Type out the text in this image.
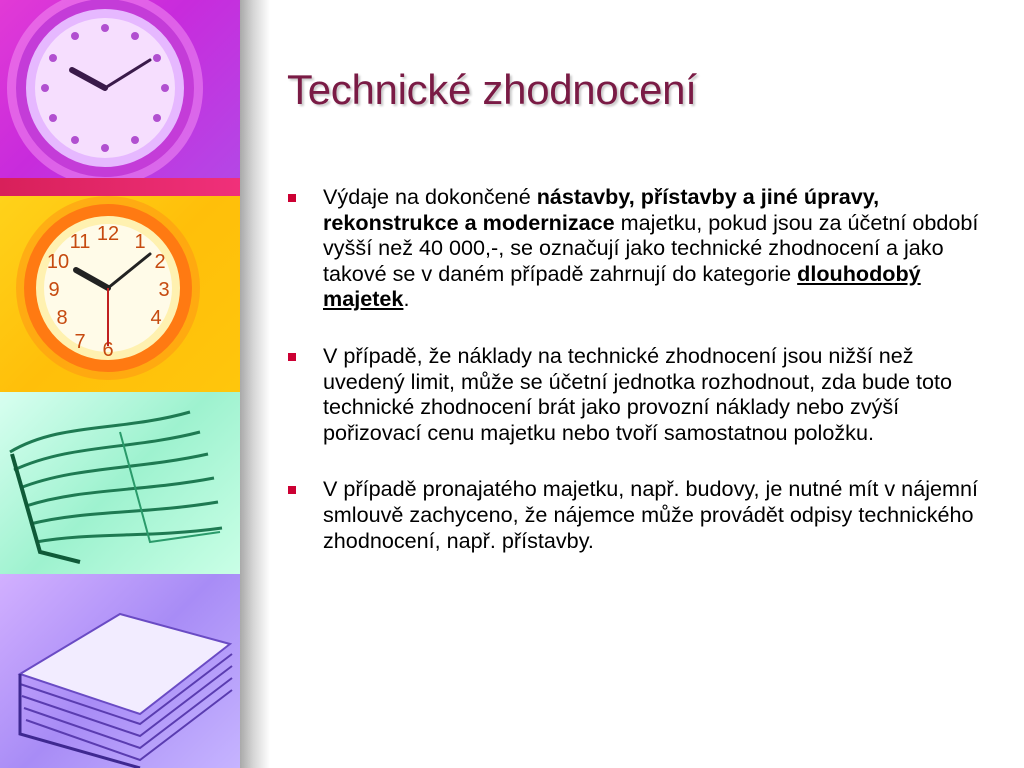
12 1
2
3
4
6
7
8
9
10
11
Technické zhodnocení
Výdaje na dokončené nástavby, přístavby a jiné úpravy, rekonstrukce a modernizace majetku, pokud jsou za účetní období vyšší než 40 000,-, se označují jako technické zhodnocení a jako takové se v daném případě zahrnují do kategorie dlouhodobý majetek.
V případě, že náklady na technické zhodnocení jsou nižší než uvedený limit, může se účetní jednotka rozhodnout, zda bude toto technické zhodnocení brát jako provozní náklady nebo zvýší pořizovací cenu majetku nebo tvoří samostatnou položku.
V případě pronajatého majetku, např. budovy, je nutné mít v nájemní smlouvě zachyceno, že nájemce může provádět odpisy technického zhodnocení, např. přístavby.
